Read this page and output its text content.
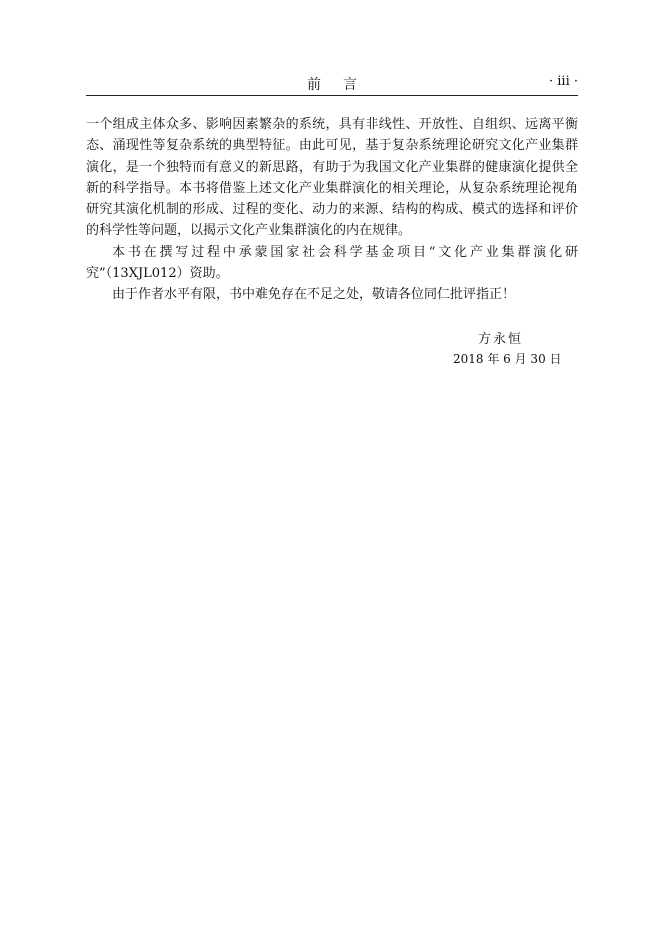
前言	· iii ·

一个组成主体众多、影响因素繁杂的系统，具有非线性、开放性、自组织、远离平衡态、涌现性等复杂系统的典型特征。由此可见，基于复杂系统理论研究文化产业集群演化，是一个独特而有意义的新思路，有助于为我国文化产业集群的健康演化提供全新的科学指导。本书将借鉴上述文化产业集群演化的相关理论，从复杂系统理论视角研究其演化机制的形成、过程的变化、动力的来源、结构的构成、模式的选择和评价的科学性等问题，以揭示文化产业集群演化的内在规律。

本书在撰写过程中承蒙国家社会科学基金项目“文化产业集群演化研究”（13XJL012）资助。

由于作者水平有限，书中难免存在不足之处，敬请各位同仁批评指正！

方永恒
2018 年 6 月 30 日
